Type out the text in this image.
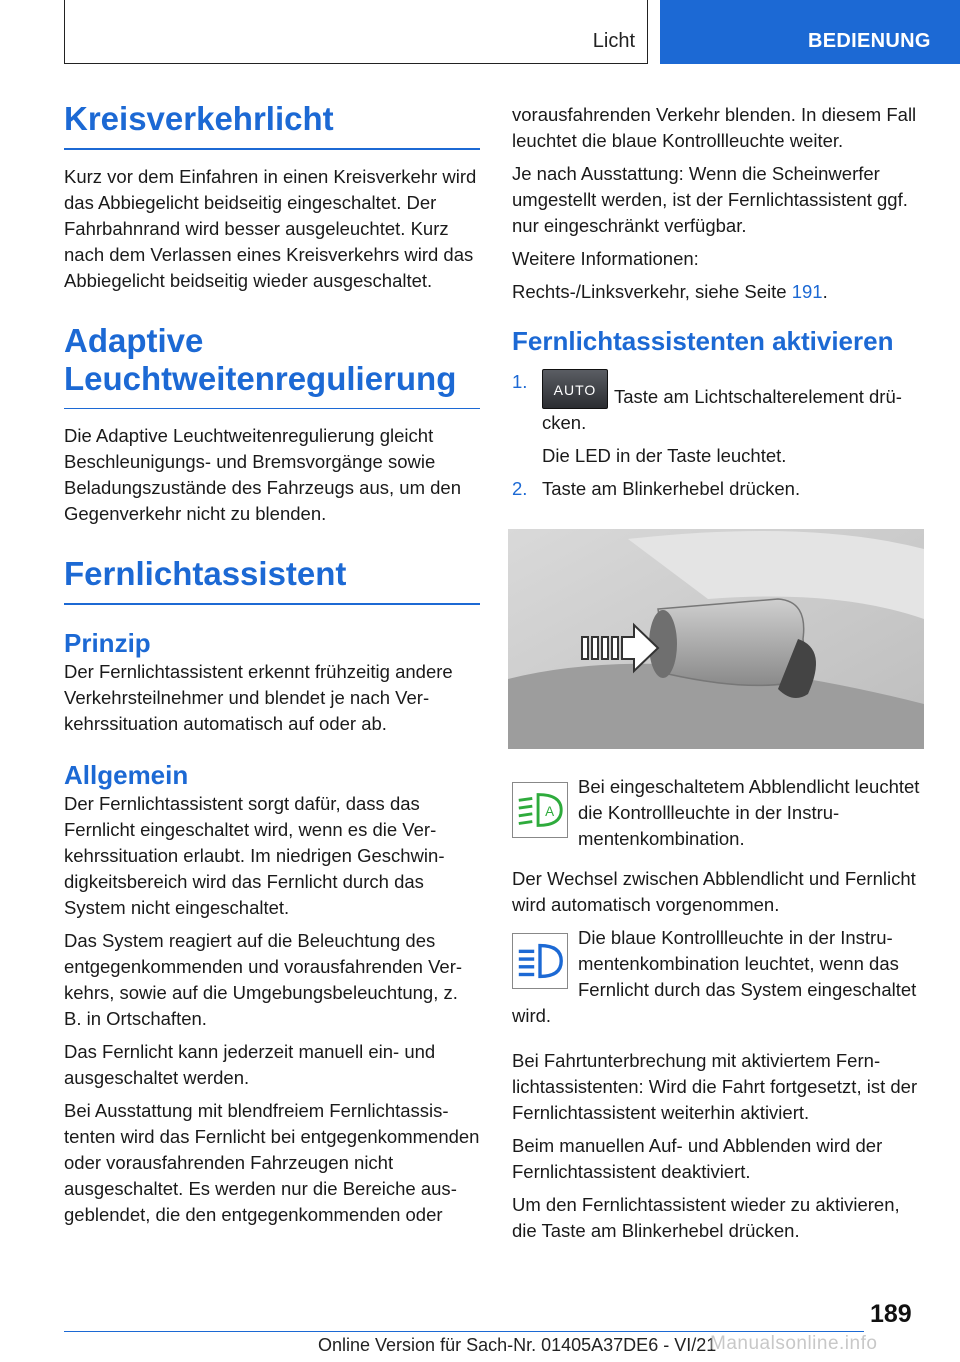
Licht	BEDIENUNG
Kreisverkehrlicht

Kurz vor dem Einfahren in einen Kreisverkehr wird das Abbiegelicht beidseitig eingeschaltet. Der Fahrbahnrand wird besser ausgeleuchtet. Kurz nach dem Verlassen eines Kreisverkehrs wird das Abbiegelicht beidseitig wieder ausgeschaltet.

Adaptive
Leuchtweitenregulierung

Die Adaptive Leuchtweitenregulierung gleicht Beschleunigungs- und Bremsvorgänge sowie Beladungszustände des Fahrzeugs aus, um den Gegenverkehr nicht zu blenden.

Fernlichtassistent
Prinzip

Der Fernlichtassistent erkennt frühzeitig andere Verkehrsteilnehmer und blendet je nach Verkehrssituation automatisch auf oder ab.

Allgemein

Der Fernlichtassistent sorgt dafür, dass das Fernlicht eingeschaltet wird, wenn es die Verkehrssituation erlaubt. Im niedrigen Geschwindigkeitsbereich wird das Fernlicht durch das System nicht eingeschaltet.

Das System reagiert auf die Beleuchtung des entgegenkommenden und vorausfahrenden Verkehrs, sowie auf die Umgebungsbeleuchtung, z. B. in Ortschaften.

Das Fernlicht kann jederzeit manuell ein- und ausgeschaltet werden.

Bei Ausstattung mit blendfreiem Fernlichtassistenten wird das Fernlicht bei entgegenkommenden oder vorausfahrenden Fahrzeugen nicht ausgeschaltet. Es werden nur die Bereiche ausgeblendet, die den entgegenkommenden oder

vorausfahrenden Verkehr blenden. In diesem Fall leuchtet die blaue Kontrollleuchte weiter.

Je nach Ausstattung: Wenn die Scheinwerfer umgestellt werden, ist der Fernlichtassistent ggf. nur eingeschränkt verfügbar.

Weitere Informationen:

Rechts-/Linksverkehr, siehe Seite 191.

Fernlichtassistenten aktivieren
1.	AUTO Taste am Lichtschalterelement drücken.

Die LED in der Taste leuchtet.

2. Taste am Blinkerhebel drücken.
A

Bei eingeschaltetem Abblendlicht leuchtet die Kontrollleuchte in der Instrumentenkombination.

Der Wechsel zwischen Abblendlicht und Fernlicht wird automatisch vorgenommen.

Die blaue Kontrollleuchte in der Instrumentenkombination leuchtet, wenn das Fernlicht durch das System eingeschaltet wird.

Bei Fahrtunterbrechung mit aktiviertem Fernlichtassistenten: Wird die Fahrt fortgesetzt, ist der Fernlichtassistent weiterhin aktiviert.

Beim manuellen Auf- und Abblenden wird der Fernlichtassistent deaktiviert.

Um den Fernlichtassistent wieder zu aktivieren, die Taste am Blinkerhebel drücken.

189
Online Version für Sach-Nr. 01405A37DE6 - VI/21
Manualsonline.info
